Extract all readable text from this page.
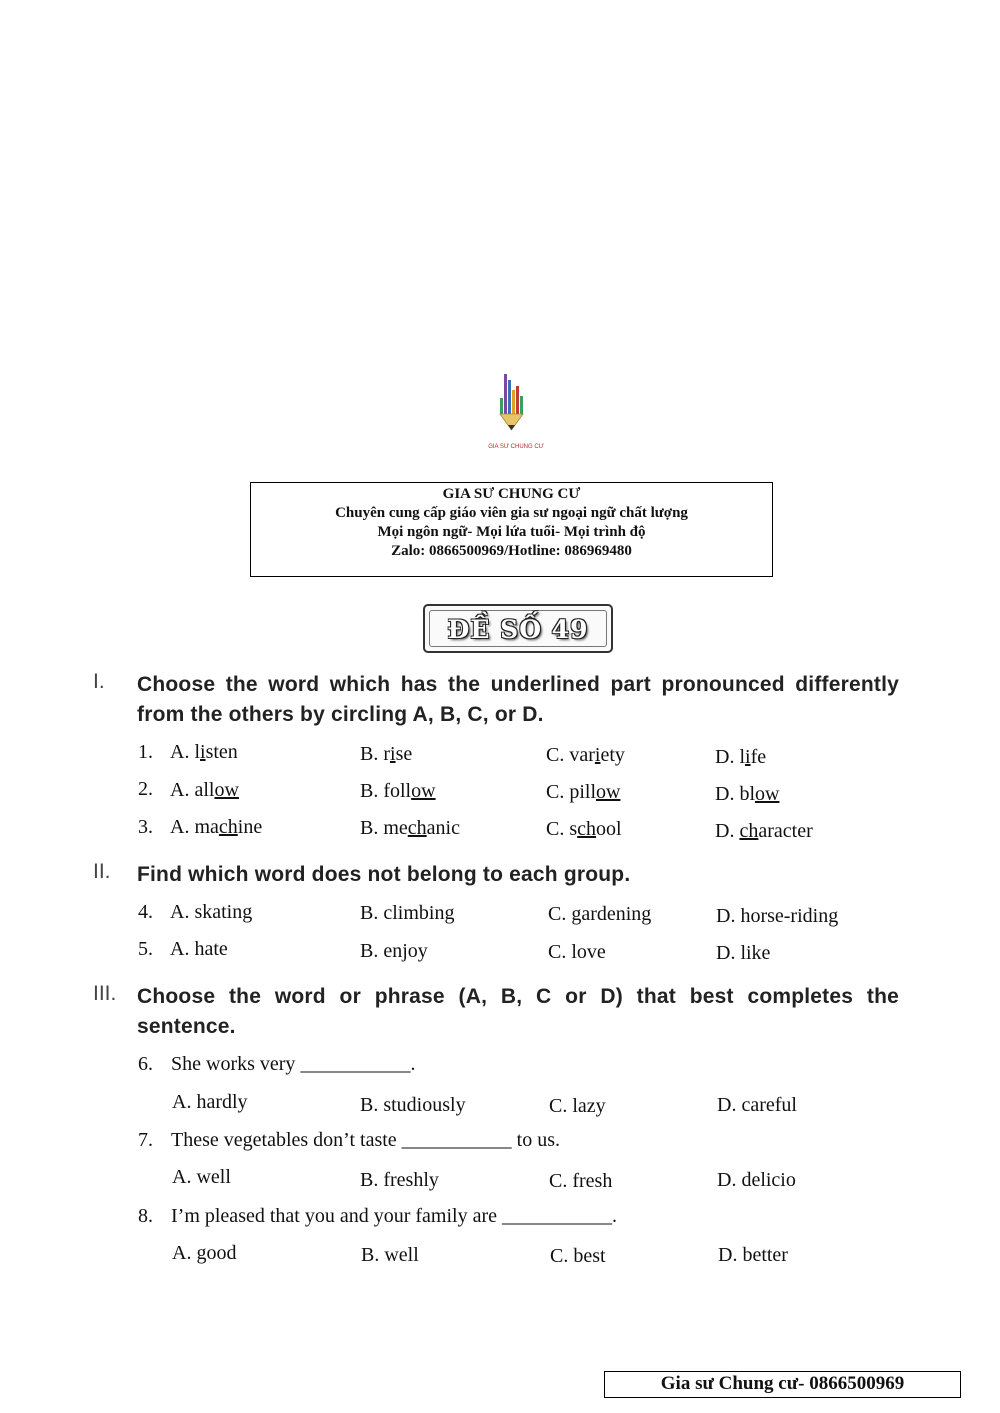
GIA SƯ CHUNG CƯ
GIA SƯ CHUNG CƯ
Chuyên cung cấp giáo viên gia sư ngoại ngữ chất lượng
Mọi ngôn ngữ- Mọi lứa tuổi- Mọi trình độ
Zalo: 0866500969/Hotline: 086969480
ĐỀ SỐ 49
I. Choose the word which has the underlined part pronounced differently from the others by circling A, B, C, or D.
1. A. listen	B. rise	C. variety	D. life
2. A. allow	B. follow	C. pillow	D. blow
3. A. machine	B. mechanic	C. school	D. character
II. Find which word does not belong to each group.
4. A. skating	B. climbing	C. gardening	D. horse-riding
5. A. hate	B. enjoy	C. love	D. like
III. Choose the word or phrase (A, B, C or D) that best completes the sentence.
6. She works very ___________.
A. hardly	B. studiously	C. lazy	D. careful
7. These vegetables don’t taste ___________ to us.
A. well	B. freshly	C. fresh	D. delicio
8. I’m pleased that you and your family are ___________.
A. good	B. well	C. best	D. better
Gia sư Chung cư- 0866500969
